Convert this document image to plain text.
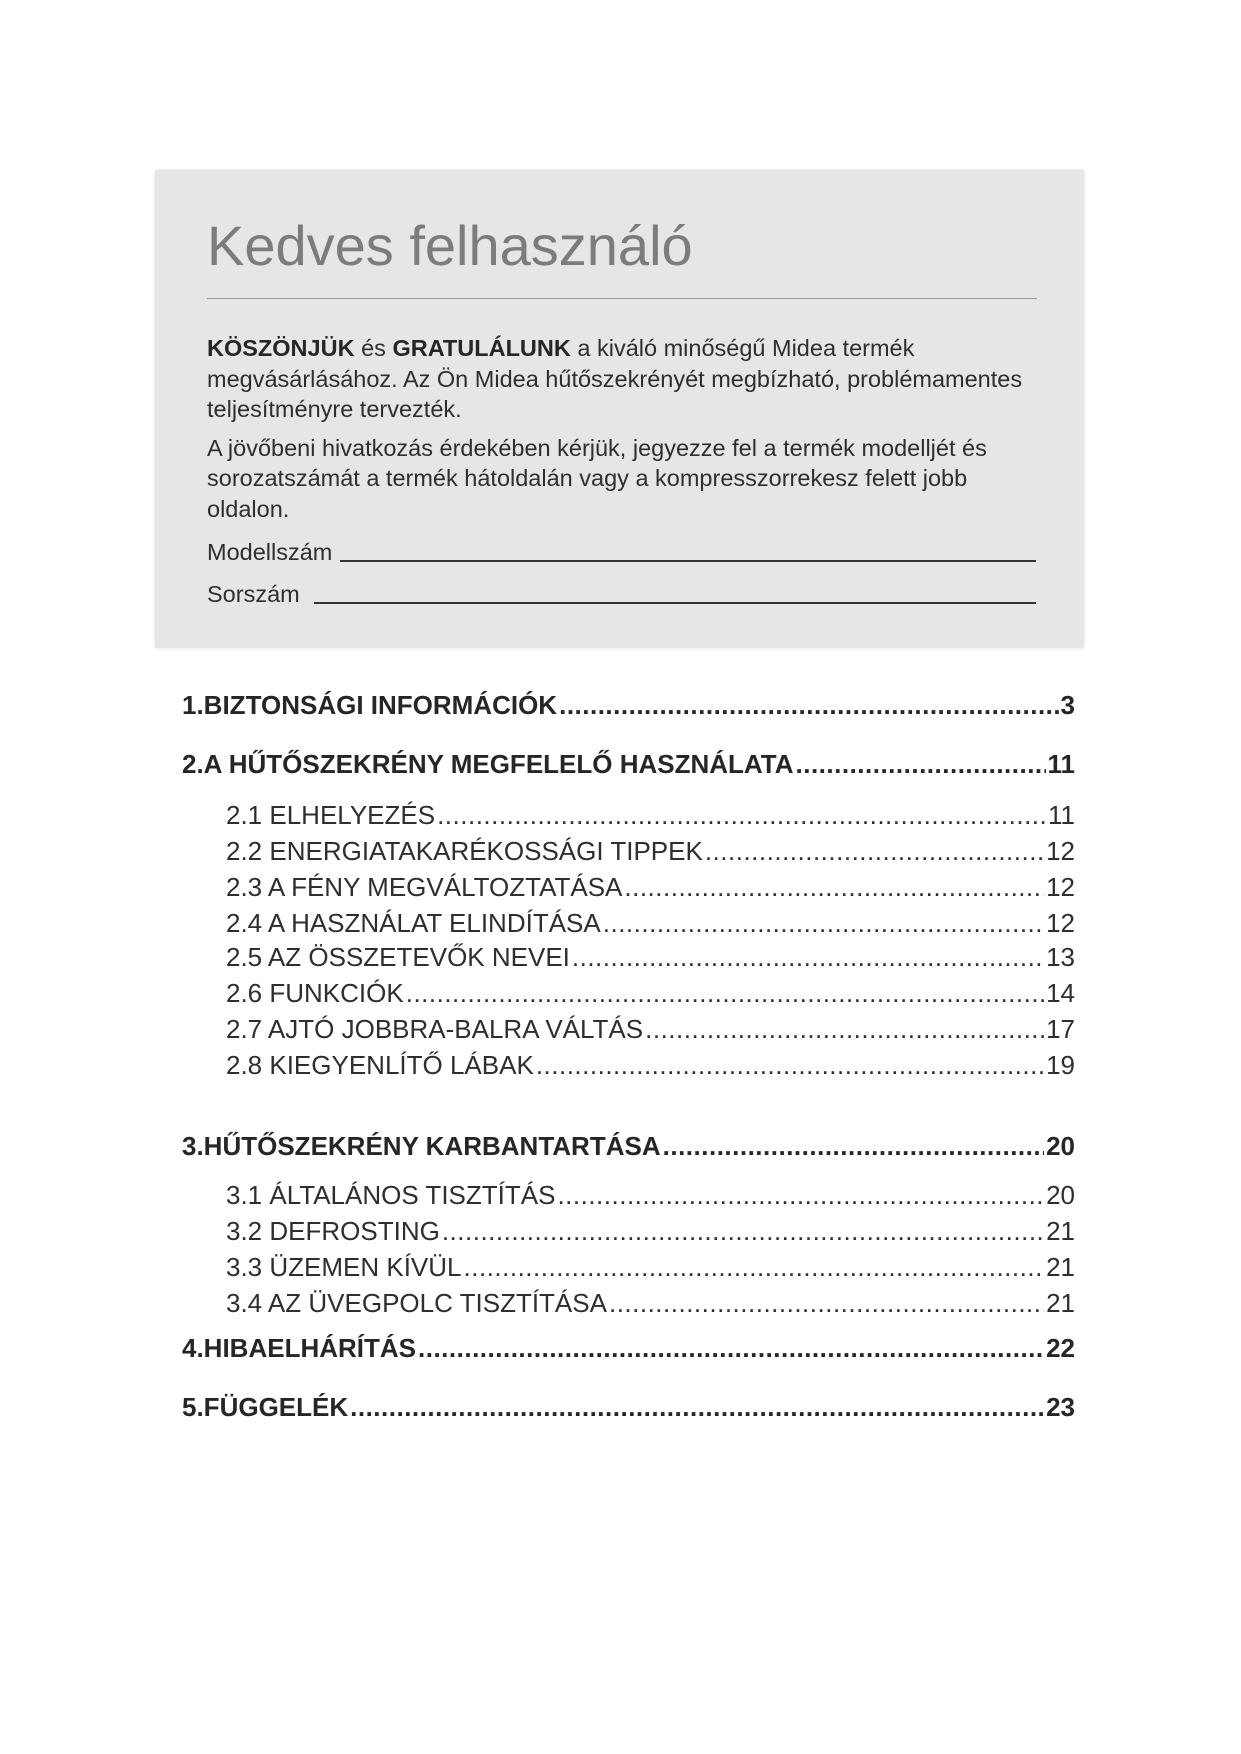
Kedves felhasználó

KÖSZÖNJÜK és GRATULÁLUNK a kiváló minőségű Midea termék megvásárlásához. Az Ön Midea hűtőszekrényét megbízható, problémamentes teljesítményre tervezték.

A jövőbeni hivatkozás érdekében kérjük, jegyezze fel a termék modelljét és sorozatszámát a termék hátoldalán vagy a kompresszorrekesz felett jobb oldalon.

Modellszám
Sorszám
1.BIZTONSÁGI INFORMÁCIÓK .....	3
2.A HŰTŐSZEKRÉNY MEGFELELŐ HASZNÁLATA .....	11
2.1 ELHELYEZÉS .....	11
2.2 ENERGIATAKARÉKOSSÁGI TIPPEK .....	12
2.3 A FÉNY MEGVÁLTOZTATÁSA .....	12
2.4 A HASZNÁLAT ELINDÍTÁSA .....	12
2.5 AZ ÖSSZETEVŐK NEVEI .....	13
2.6 FUNKCIÓK .....	14
2.7 AJTÓ JOBBRA-BALRA VÁLTÁS .....	17
2.8 KIEGYENLÍTŐ LÁBAK .....	19
3.HŰTŐSZEKRÉNY KARBANTARTÁSA .....	20
3.1 ÁLTALÁNOS TISZTÍTÁS .....	20
3.2 DEFROSTING .....	21
3.3 ÜZEMEN KÍVÜL .....	21
3.4 AZ ÜVEGPOLC TISZTÍTÁSA .....	21
4.HIBAELHÁRÍTÁS .....	22
5.FÜGGELÉK .....	23
